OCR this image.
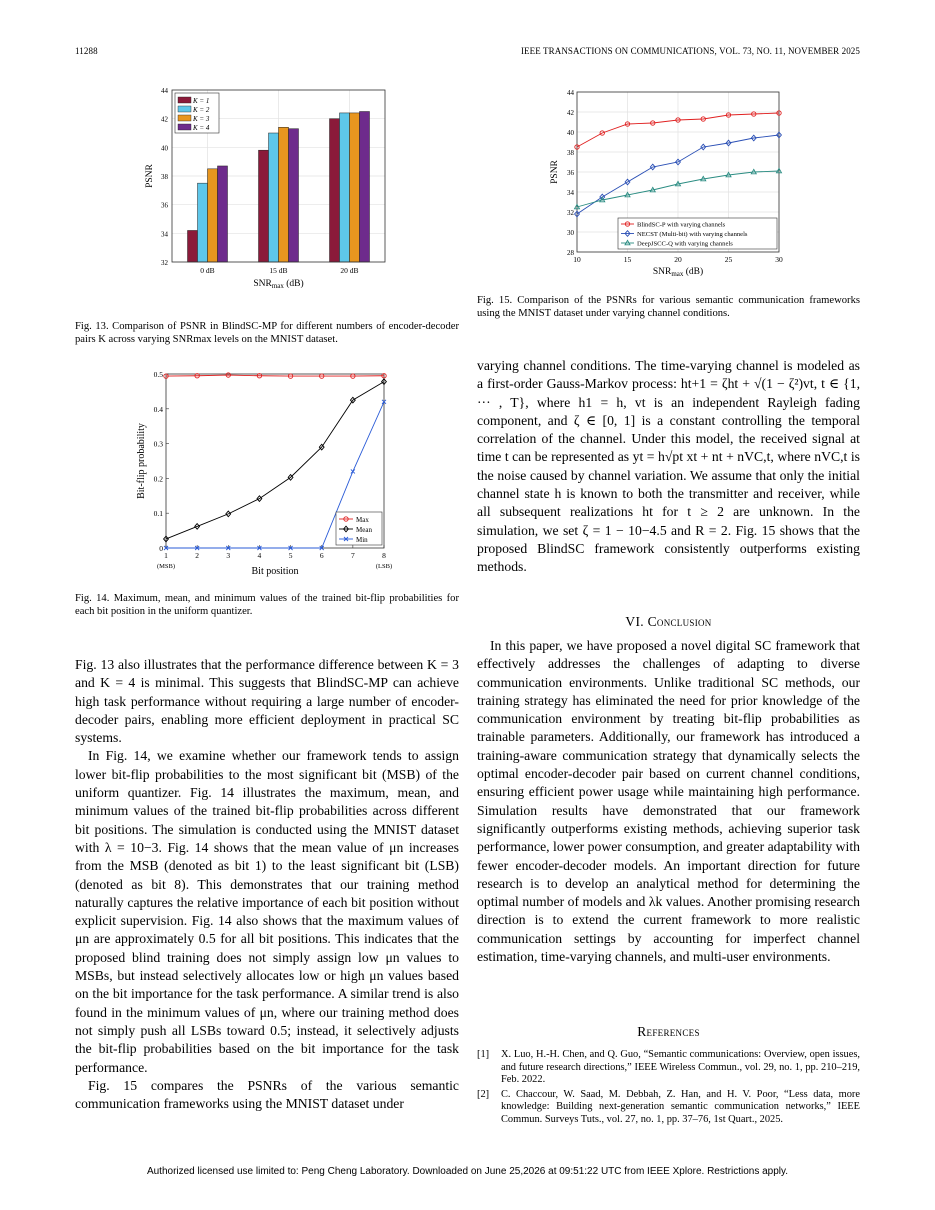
11288	IEEE TRANSACTIONS ON COMMUNICATIONS, VOL. 73, NO. 11, NOVEMBER 2025
32
34
36
38
40
42
44
0 dB	15 dB	20 dB
K = 1
K = 2
K = 3
K = 4
PSNR
$SNR_{max}$ (dB)
Fig. 13. Comparison of PSNR in BlindSC-MP for different numbers of encoder-decoder pairs K across varying SNRmax levels on the MNIST dataset.
0
0.1
0.2
0.3
0.4
0.5
1
(MSB)
2	3	4	5	6	7	8
(LSB)
Max
Mean
Min
Bit-flip probability
Bit position
Fig. 14. Maximum, mean, and minimum values of the trained bit-flip probabilities for each bit position in the uniform quantizer.
28
30
32
34
36
38
40
42
44
10	15	20	25	30
BlindSC-P with varying channels
NECST (Multi-bit) with varying channels
DeepJSCC-Q with varying channels
PSNR
$SNR_{max}$ (dB)
Fig. 15. Comparison of the PSNRs for various semantic communication frameworks using the MNIST dataset under varying channel conditions.

Fig. 13 also illustrates that the performance difference between K = 3 and K = 4 is minimal. This suggests that BlindSC-MP can achieve high task performance without requiring a large number of encoder-decoder pairs, enabling more efficient deployment in practical SC systems.

In Fig. 14, we examine whether our framework tends to assign lower bit-flip probabilities to the most significant bit (MSB) of the uniform quantizer. Fig. 14 illustrates the maximum, mean, and minimum values of the trained bit-flip probabilities across different bit positions. The simulation is conducted using the MNIST dataset with λ = 10−3. Fig. 14 shows that the mean value of μn increases from the MSB (denoted as bit 1) to the least significant bit (LSB) (denoted as bit 8). This demonstrates that our training method naturally captures the relative importance of each bit position without explicit supervision. Fig. 14 also shows that the maximum values of μn are approximately 0.5 for all bit positions. This indicates that the proposed blind training does not simply assign low μn values to MSBs, but instead selectively allocates low or high μn values based on the bit importance for the task performance. A similar trend is also found in the minimum values of μn, where our training method does not simply push all LSBs toward 0.5; instead, it selectively adjusts the bit-flip probabilities based on the bit importance for the task performance.

Fig. 15 compares the PSNRs of the various semantic communication frameworks using the MNIST dataset under

varying channel conditions. The time-varying channel is modeled as a first-order Gauss-Markov process: ht+1 = ζht + √(1 − ζ²)vt, t ∈ {1, ··· , T}, where h1 = h, vt is an independent Rayleigh fading component, and ζ ∈ [0, 1] is a constant controlling the temporal correlation of the channel. Under this model, the received signal at time t can be represented as yt = h√pt xt + nt + nVC,t, where nVC,t is the noise caused by channel variation. We assume that only the initial channel state h is known to both the transmitter and receiver, while all subsequent realizations ht for t ≥ 2 are unknown. In the simulation, we set ζ = 1 − 10−4.5 and R = 2. Fig. 15 shows that the proposed BlindSC framework consistently outperforms existing methods.

VI. Conclusion

In this paper, we have proposed a novel digital SC framework that effectively addresses the challenges of adapting to diverse communication environments. Unlike traditional SC methods, our training strategy has eliminated the need for prior knowledge of the communication environment by treating bit-flip probabilities as trainable parameters. Additionally, our framework has introduced a training-aware communication strategy that dynamically selects the optimal encoder-decoder pair based on current channel conditions, ensuring efficient power usage while maintaining high performance. Simulation results have demonstrated that our framework significantly outperforms existing methods, achieving superior task performance, lower power consumption, and greater adaptability with fewer encoder-decoder models. An important direction for future research is to develop an analytical method for determining the optimal number of models and λk values. Another promising research direction is to extend the current framework to more realistic communication settings by accounting for imperfect channel estimation, time-varying channels, and multi-user environments.

References
[1]	X. Luo, H.-H. Chen, and Q. Guo, “Semantic communications: Overview, open issues, and future research directions,” IEEE Wireless Commun., vol. 29, no. 1, pp. 210–219, Feb. 2022.
[2]	C. Chaccour, W. Saad, M. Debbah, Z. Han, and H. V. Poor, “Less data, more knowledge: Building next-generation semantic communication networks,” IEEE Commun. Surveys Tuts., vol. 27, no. 1, pp. 37–76, 1st Quart., 2025.
Authorized licensed use limited to: Peng Cheng Laboratory. Downloaded on June 25,2026 at 09:51:22 UTC from IEEE Xplore. Restrictions apply.
